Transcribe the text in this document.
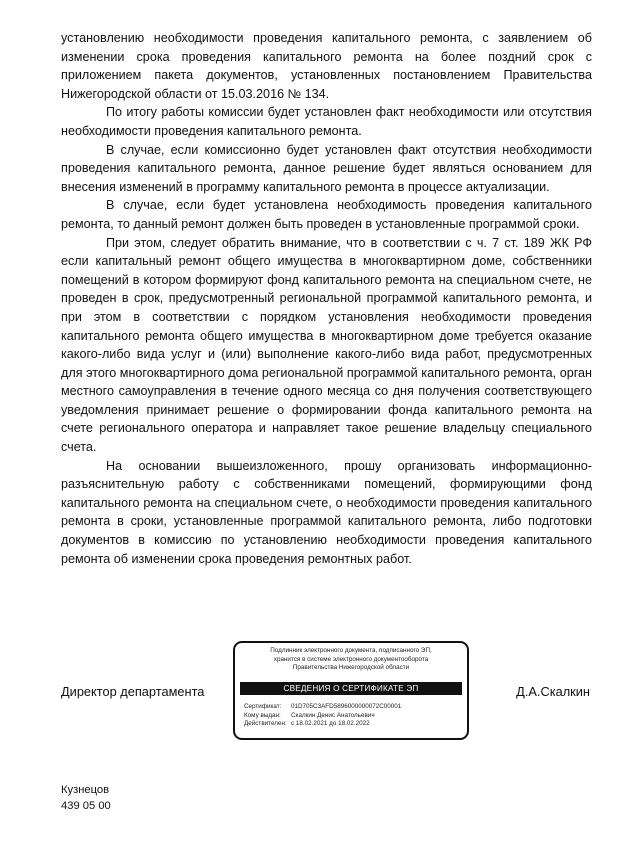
установлению необходимости проведения капитального ремонта, с заявлением об изменении срока проведения капитального ремонта на более поздний срок с приложением пакета документов, установленных постановлением Правительства Нижегородской области от 15.03.2016 № 134.

По итогу работы комиссии будет установлен факт необходимости или отсутствия необходимости проведения капитального ремонта.

В случае, если комиссионно будет установлен факт отсутствия необходимости проведения капитального ремонта, данное решение будет являться основанием для внесения изменений в программу капитального ремонта в процессе актуализации.

В случае, если будет установлена необходимость проведения капитального ремонта, то данный ремонт должен быть проведен в установленные программой сроки.

При этом, следует обратить внимание, что в соответствии с ч. 7 ст. 189 ЖК РФ если капитальный ремонт общего имущества в многоквартирном доме, собственники помещений в котором формируют фонд капитального ремонта на специальном счете, не проведен в срок, предусмотренный региональной программой капитального ремонта, и при этом в соответствии с порядком установления необходимости проведения капитального ремонта общего имущества в многоквартирном доме требуется оказание какого-либо вида услуг и (или) выполнение какого-либо вида работ, предусмотренных для этого многоквартирного дома региональной программой капитального ремонта, орган местного самоуправления в течение одного месяца со дня получения соответствующего уведомления принимает решение о формировании фонда капитального ремонта на счете регионального оператора и направляет такое решение владельцу специального счета.

На основании вышеизложенного, прошу организовать информационно-разъяснительную работу с собственниками помещений, формирующими фонд капитального ремонта на специальном счете, о необходимости проведения капитального ремонта в сроки, установленные программой капитального ремонта, либо подготовки документов в комиссию по установлению необходимости проведения капитального ремонта об изменении срока проведения ремонтных работ.

Директор департамента
Подлинник электронного документа, подписанного ЭП,
хранится в системе электронного документооборота
Правительства Нижегородской области
СВЕДЕНИЯ О СЕРТИФИКАТЕ ЭП
Сертификат: 01D705C3AFD5896000000072C00001
Кому выдан: Скалкин Денис Анатольевич
Действителен: с 18.02.2021 до 18.02.2022
Д.А.Скалкин
Кузнецов
439 05 00
